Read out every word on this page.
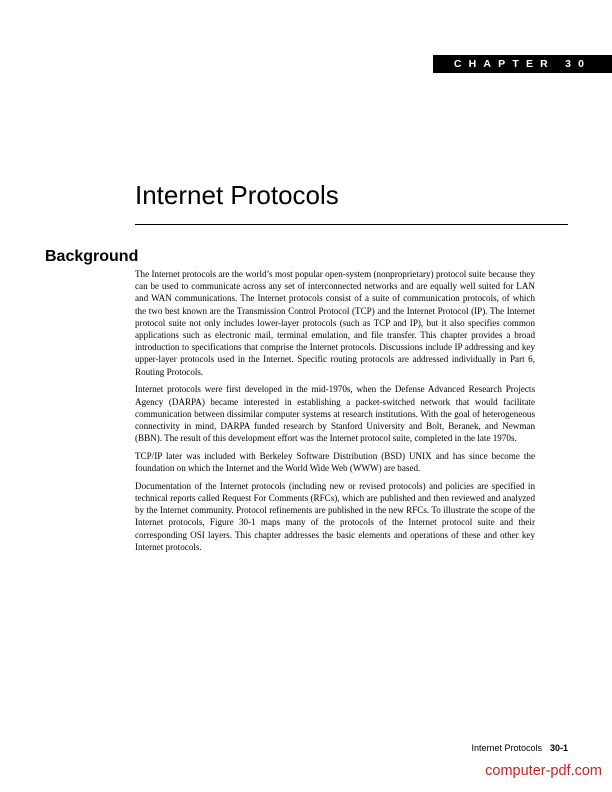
CHAPTER 30
Internet Protocols
Background

The Internet protocols are the world’s most popular open-system (nonproprietary) protocol suite because they can be used to communicate across any set of interconnected networks and are equally well suited for LAN and WAN communications. The Internet protocols consist of a suite of communication protocols, of which the two best known are the Transmission Control Protocol (TCP) and the Internet Protocol (IP). The Internet protocol suite not only includes lower-layer protocols (such as TCP and IP), but it also specifies common applications such as electronic mail, terminal emulation, and file transfer. This chapter provides a broad introduction to specifications that comprise the Internet protocols. Discussions include IP addressing and key upper-layer protocols used in the Internet. Specific routing protocols are addressed individually in Part 6, Routing Protocols.

Internet protocols were first developed in the mid-1970s, when the Defense Advanced Research Projects Agency (DARPA) became interested in establishing a packet-switched network that would facilitate communication between dissimilar computer systems at research institutions. With the goal of heterogeneous connectivity in mind, DARPA funded research by Stanford University and Bolt, Beranek, and Newman (BBN). The result of this development effort was the Internet protocol suite, completed in the late 1970s.

TCP/IP later was included with Berkeley Software Distribution (BSD) UNIX and has since become the foundation on which the Internet and the World Wide Web (WWW) are based.

Documentation of the Internet protocols (including new or revised protocols) and policies are specified in technical reports called Request For Comments (RFCs), which are published and then reviewed and analyzed by the Internet community. Protocol refinements are published in the new RFCs. To illustrate the scope of the Internet protocols, Figure 30-1 maps many of the protocols of the Internet protocol suite and their corresponding OSI layers. This chapter addresses the basic elements and operations of these and other key Internet protocols.

Internet Protocols 30-1
computer-pdf.com
